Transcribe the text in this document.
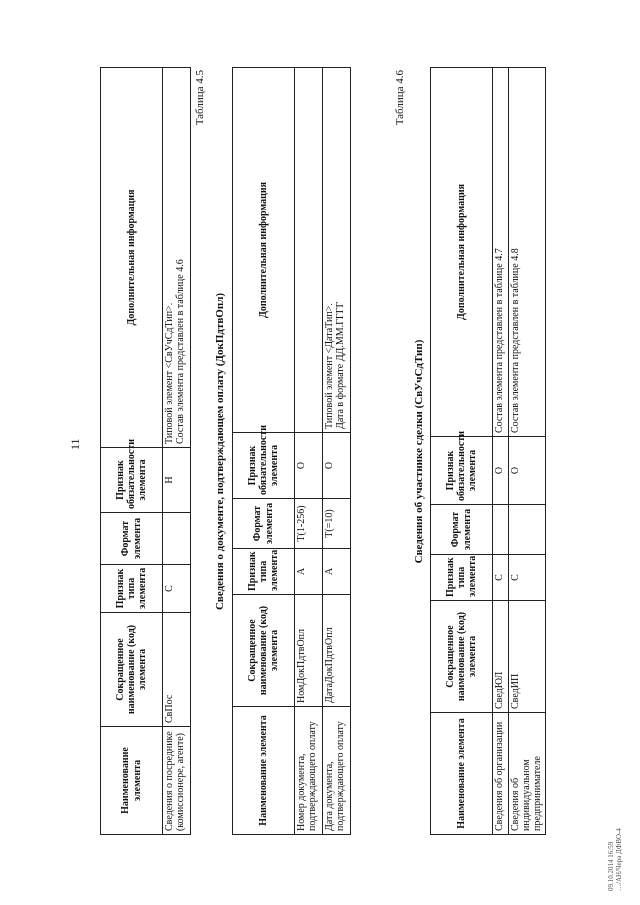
Наименование элемента	Сокращенное наименование (код) элемента	Признак типа элемента	Формат элемента	Признак обязательности элемента	Дополнительная информация
Сведения о посреднике (комиссионере, агенте)	СвПос	С		Н	Типовой элемент <СвУчСдТип>. Состав элемента представлен в таблице 4.6
11
Таблица 4.5
Сведения о документе, подтверждающем оплату (ДокПдтвОпл)
Наименование элемента	Сокращенное наименование (код) элемента	Признак типа элемента	Формат элемента	Признак обязательности элемента	Дополнительная информация
Номер документа, подтверждающего оплату	НомДокПдтвОпл	А	Т(1-256)	О	

Дата документа, подтверждающего оплату	ДатаДокПдтвОпл	А	Т(=10)	О	Типовой элемент <ДатаТип>. Дата в формате ДД.ММ.ГГГГ
Таблица 4.6
Сведения об участнике сделки (СвУчСдТип)
Наименование элемента	Сокращенное наименование (код) элемента	Признак типа элемента	Формат элемента	Признак обязательности элемента	Дополнительная информация
Сведения об организации	СведЮЛ	С		О	Состав элемента представлен в таблице 4.7

Сведения об индивидуальном предпринимателе	СведИП	С		О	Состав элемента представлен в таблице 4.8
09.10.2014 16:59 …/АН/Чера ДФВО-4
